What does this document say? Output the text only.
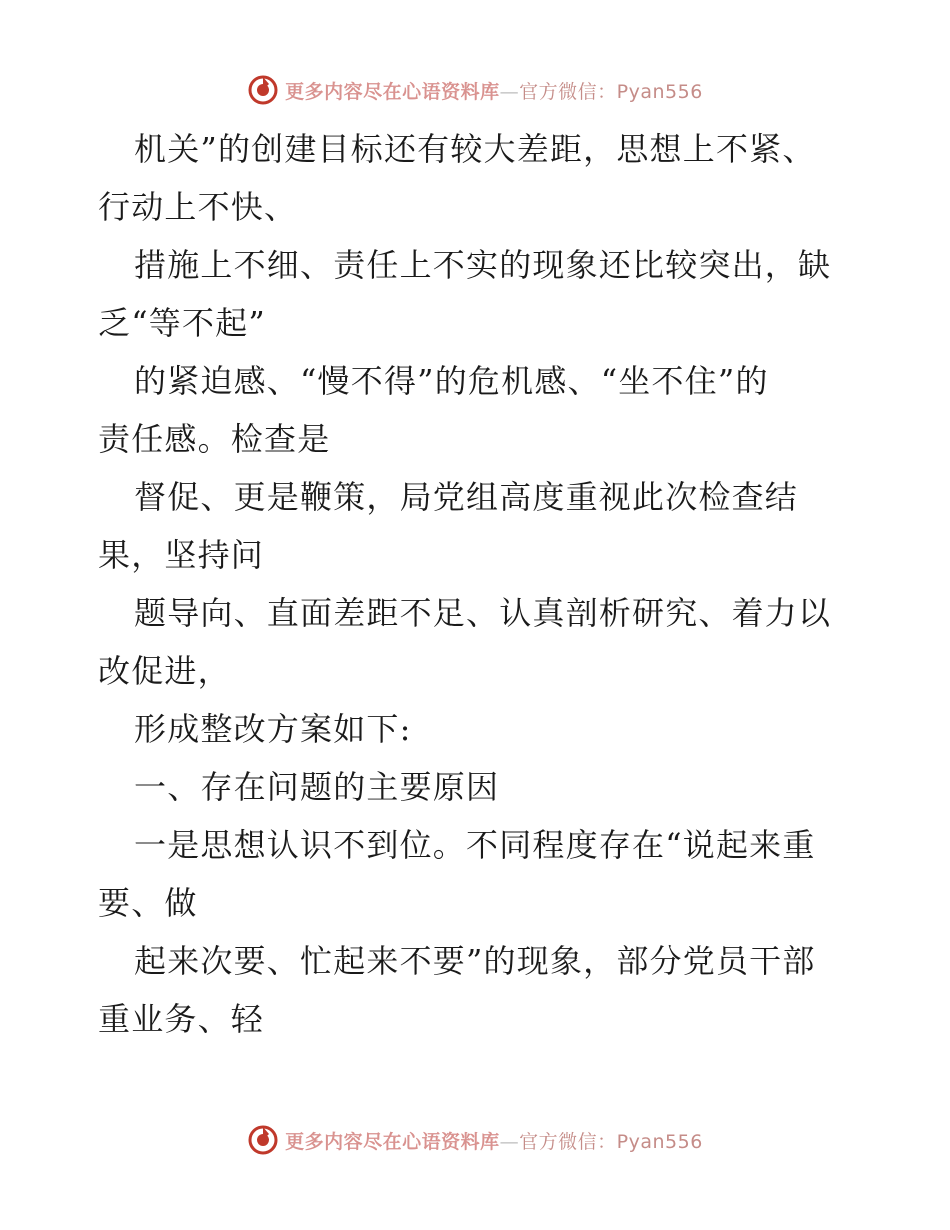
更多内容尽在心语资料库—官方微信：Pyan556
机关”的创建目标还有较大差距，思想上不紧、
行动上不快、
措施上不细、责任上不实的现象还比较突出，缺
乏“等不起”
的紧迫感、“慢不得”的危机感、“坐不住”的
责任感。检查是
督促、更是鞭策，局党组高度重视此次检查结
果，坚持问
题导向、直面差距不足、认真剖析研究、着力以
改促进，
形成整改方案如下:
一、存在问题的主要原因
一是思想认识不到位。不同程度存在“说起来重
要、做
起来次要、忙起来不要”的现象，部分党员干部
重业务、轻
更多内容尽在心语资料库—官方微信：Pyan556
